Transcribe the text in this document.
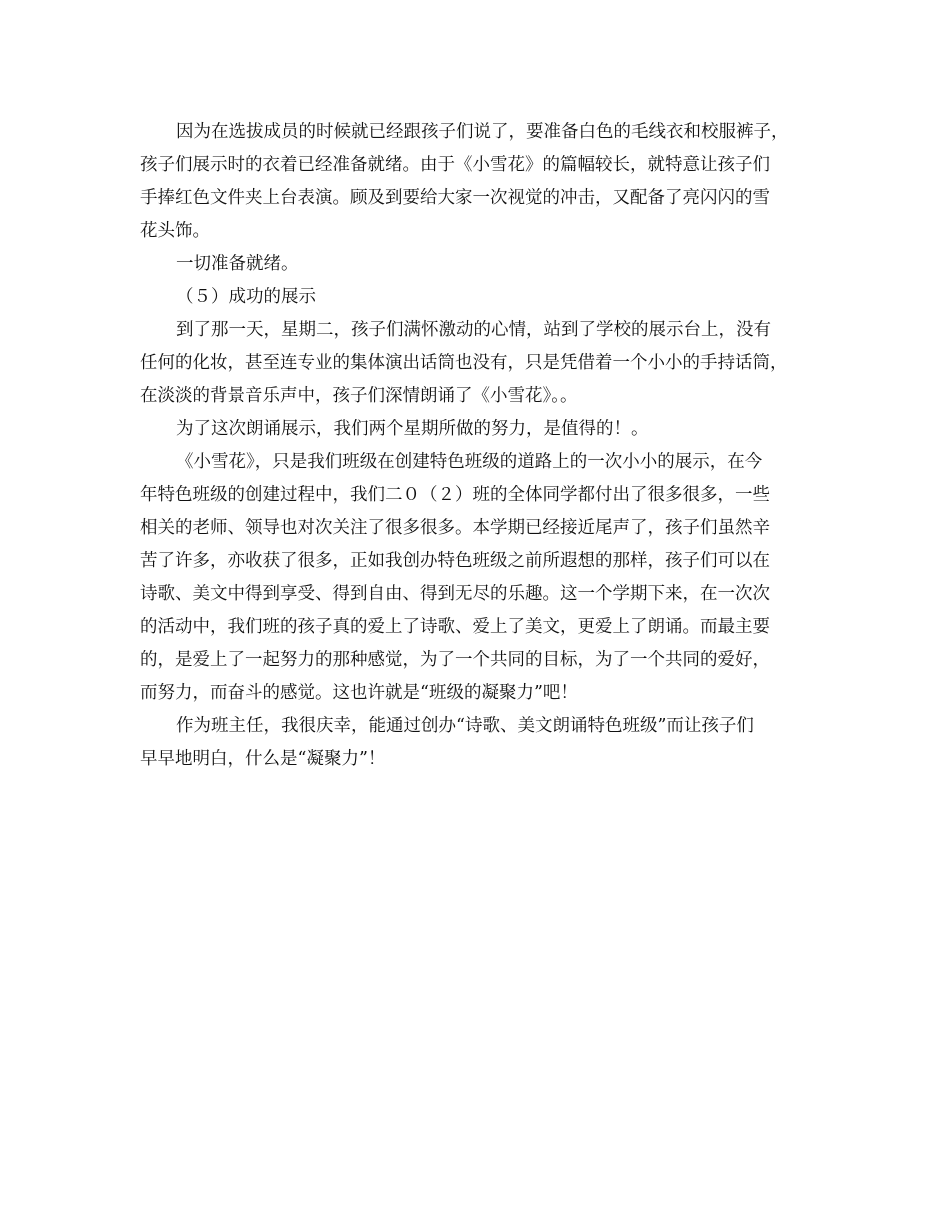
因为在选拔成员的时候就已经跟孩子们说了，要准备白色的毛线衣和校服裤子，
孩子们展示时的衣着已经准备就绪。由于《小雪花》的篇幅较长，就特意让孩子们
手捧红色文件夹上台表演。顾及到要给大家一次视觉的冲击，又配备了亮闪闪的雪
花头饰。
一切准备就绪。
（５）成功的展示
到了那一天，星期二，孩子们满怀激动的心情，站到了学校的展示台上，没有
任何的化妆，甚至连专业的集体演出话筒也没有，只是凭借着一个小小的手持话筒，
在淡淡的背景音乐声中，孩子们深情朗诵了《小雪花》。。
为了这次朗诵展示，我们两个星期所做的努力，是值得的！。
《小雪花》，只是我们班级在创建特色班级的道路上的一次小小的展示，在今
年特色班级的创建过程中，我们二０（２）班的全体同学都付出了很多很多，一些
相关的老师、领导也对次关注了很多很多。本学期已经接近尾声了，孩子们虽然辛
苦了许多，亦收获了很多，正如我创办特色班级之前所遐想的那样，孩子们可以在
诗歌、美文中得到享受、得到自由、得到无尽的乐趣。这一个学期下来，在一次次
的活动中，我们班的孩子真的爱上了诗歌、爱上了美文，更爱上了朗诵。而最主要
的，是爱上了一起努力的那种感觉，为了一个共同的目标，为了一个共同的爱好，
而努力，而奋斗的感觉。这也许就是“班级的凝聚力”吧！
作为班主任，我很庆幸，能通过创办“诗歌、美文朗诵特色班级”而让孩子们
早早地明白，什么是“凝聚力”！
